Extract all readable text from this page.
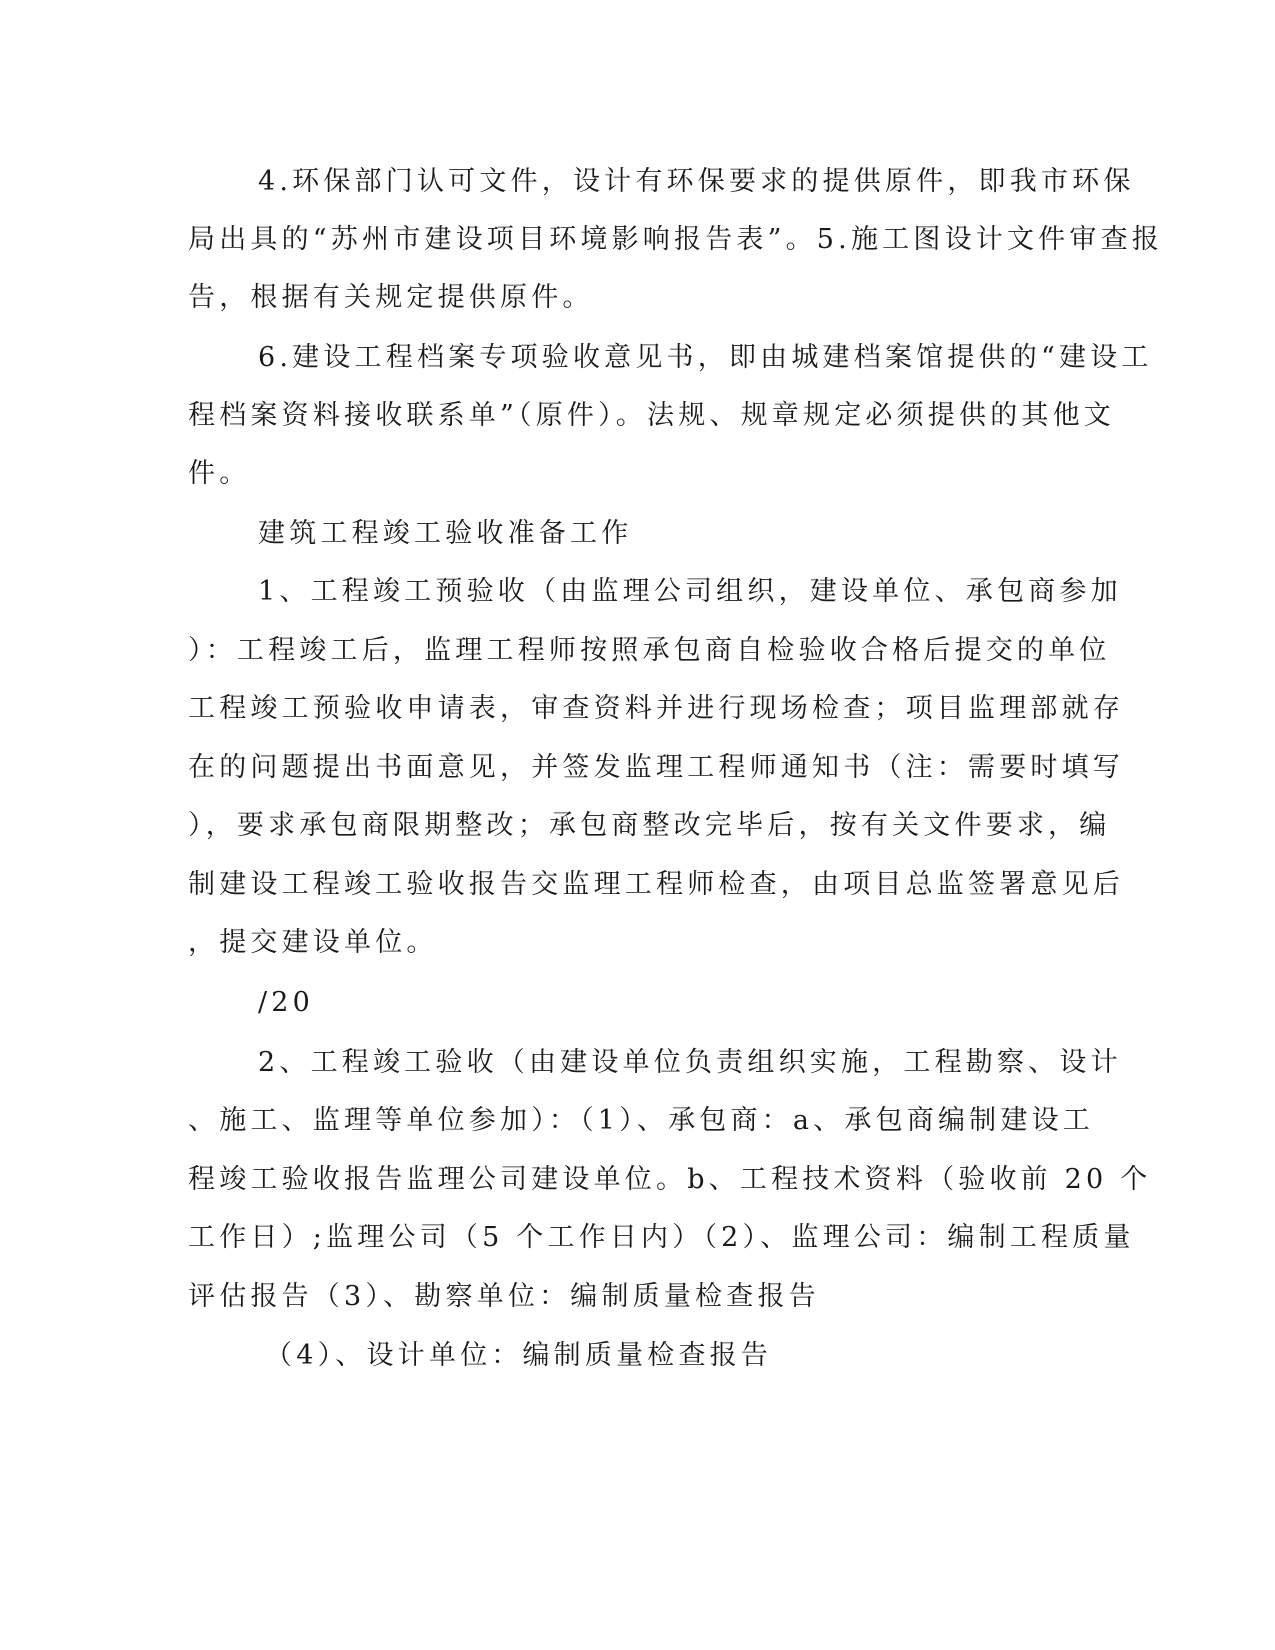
4.环保部门认可文件，设计有环保要求的提供原件，即我市环保
局出具的“苏州市建设项目环境影响报告表”。5.施工图设计文件审查报
告，根据有关规定提供原件。
6.建设工程档案专项验收意见书，即由城建档案馆提供的“建设工
程档案资料接收联系单”（原件）。法规、规章规定必须提供的其他文
件。
建筑工程竣工验收准备工作
1、工程竣工预验收（由监理公司组织，建设单位、承包商参加
）：工程竣工后，监理工程师按照承包商自检验收合格后提交的单位
工程竣工预验收申请表，审查资料并进行现场检查；项目监理部就存
在的问题提出书面意见，并签发监理工程师通知书（注：需要时填写
），要求承包商限期整改；承包商整改完毕后，按有关文件要求，编
制建设工程竣工验收报告交监理工程师检查，由项目总监签署意见后
，提交建设单位。
/20
2、工程竣工验收（由建设单位负责组织实施，工程勘察、设计
、施工、监理等单位参加）：（1）、承包商：a、承包商编制建设工
程竣工验收报告监理公司建设单位。b、工程技术资料（验收前 20 个
工作日）;监理公司（5 个工作日内）（2）、监理公司：编制工程质量
评估报告（3）、勘察单位：编制质量检查报告
（4）、设计单位：编制质量检查报告
